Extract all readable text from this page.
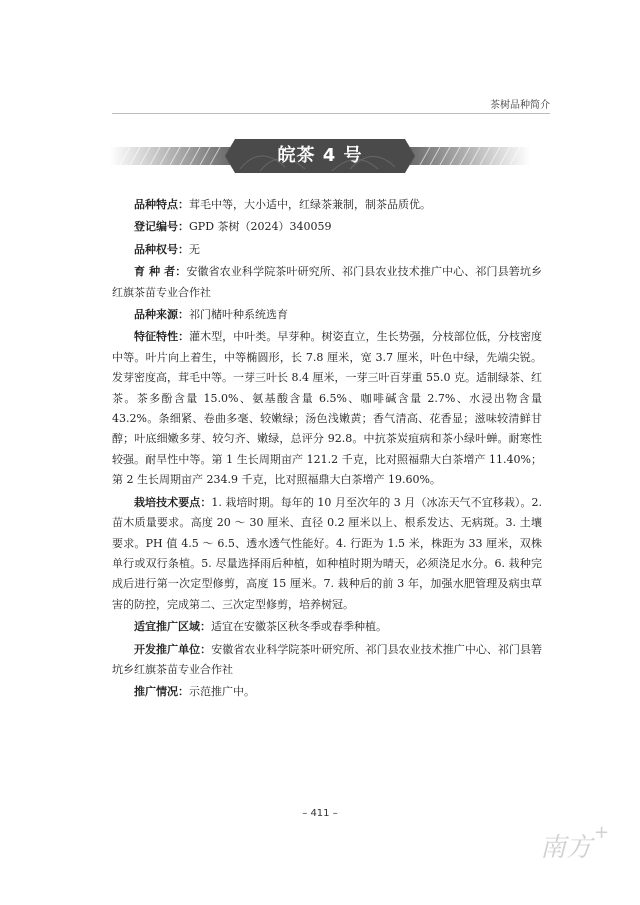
茶树品种简介
皖茶 4 号

品种特点：茸毛中等，大小适中，红绿茶兼制，制茶品质优。

登记编号：GPD 茶树（2024）340059

品种权号：无

育 种 者：安徽省农业科学院茶叶研究所、祁门县农业技术推广中心、祁门县箬坑乡红旗茶苗专业合作社

品种来源：祁门槠叶种系统选育

特征特性：灌木型，中叶类。早芽种。树姿直立，生长势强，分枝部位低，分枝密度中等。叶片向上着生，中等椭圆形，长 7.8 厘米，宽 3.7 厘米，叶色中绿，先端尖锐。发芽密度高，茸毛中等。一芽三叶长 8.4 厘米，一芽三叶百芽重 55.0 克。适制绿茶、红茶。茶多酚含量 15.0%、氨基酸含量 6.5%、咖啡碱含量 2.7%、水浸出物含量 43.2%。条细紧、卷曲多毫、较嫩绿；汤色浅嫩黄；香气清高、花香显；滋味较清鲜甘醇；叶底细嫩多芽、较匀齐、嫩绿，总评分 92.8。中抗茶炭疽病和茶小绿叶蝉。耐寒性较强。耐旱性中等。第 1 生长周期亩产 121.2 千克，比对照福鼎大白茶增产 11.40%；第 2 生长周期亩产 234.9 千克，比对照福鼎大白茶增产 19.60%。

栽培技术要点：1. 栽培时期。每年的 10 月至次年的 3 月（冰冻天气不宜移栽）。2. 苗木质量要求。高度 20 ～ 30 厘米、直径 0.2 厘米以上、根系发达、无病斑。3. 土壤要求。PH 值 4.5 ～ 6.5、透水透气性能好。4. 行距为 1.5 米，株距为 33 厘米，双株单行或双行条植。5. 尽量选择雨后种植，如种植时期为晴天，必须浇足水分。6. 栽种完成后进行第一次定型修剪，高度 15 厘米。7. 栽种后的前 3 年，加强水肥管理及病虫草害的防控，完成第二、三次定型修剪，培养树冠。

适宜推广区域：适宜在安徽茶区秋冬季或春季种植。

开发推广单位：安徽省农业科学院茶叶研究所、祁门县农业技术推广中心、祁门县箬坑乡红旗茶苗专业合作社

推广情况：示范推广中。

– 411 –
南方
+
